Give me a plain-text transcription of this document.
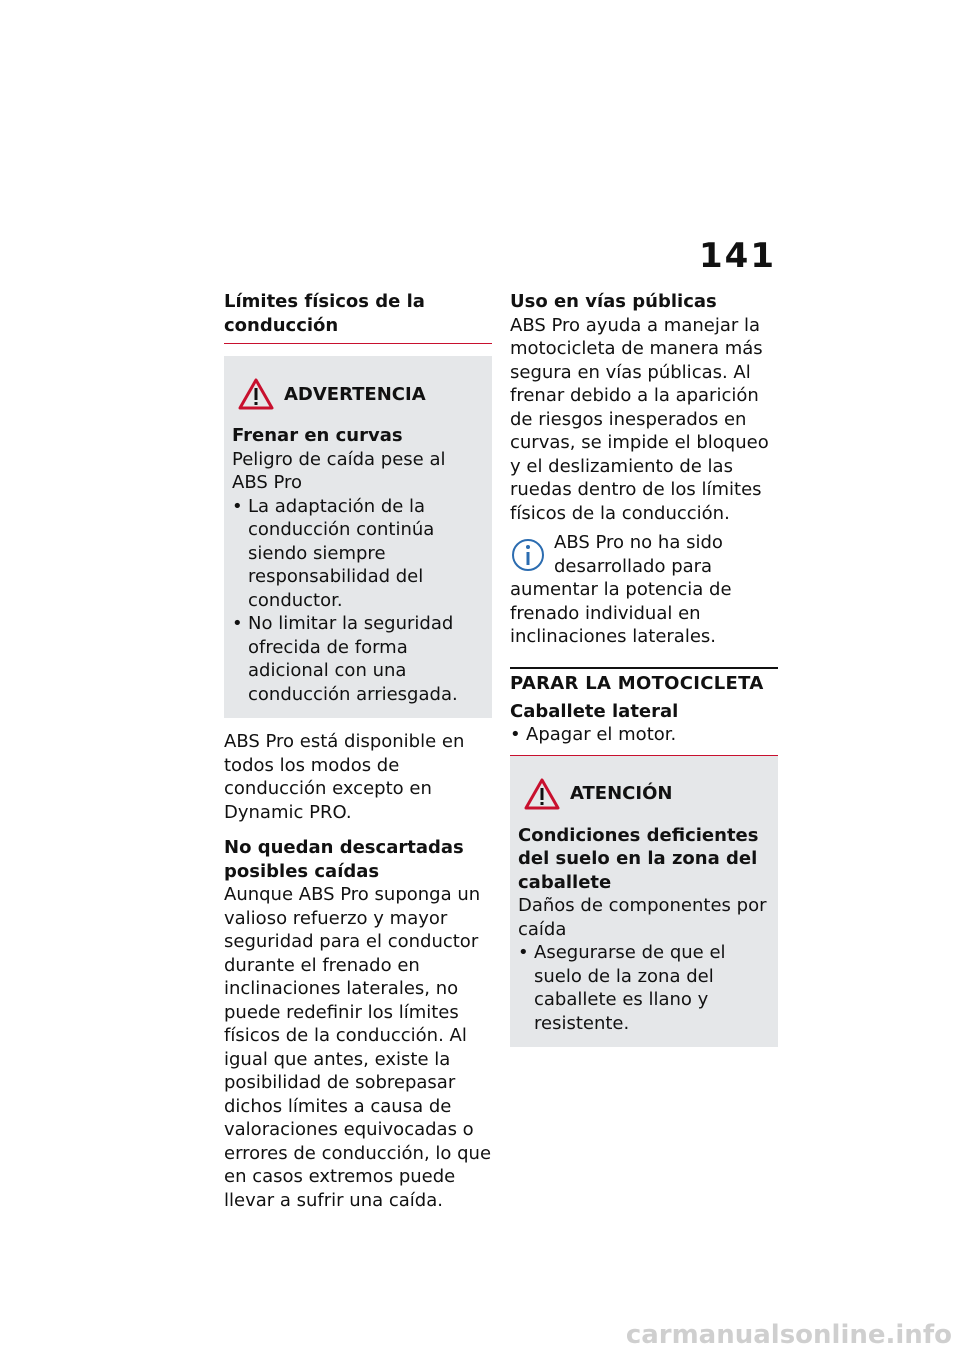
141

Límites físicos de la conducción

ADVERTENCIA

Frenar en curvas

Peligro de caída pese al ABS Pro

• La adaptación de la conducción continúa siendo siempre responsabilidad del conductor.
• No limitar la seguridad ofrecida de forma adicional con una conducción arriesgada.

ABS Pro está disponible en todos los modos de conducción excepto en Dynamic PRO.

No quedan descartadas posibles caídas

Aunque ABS Pro suponga un valioso refuerzo y mayor seguridad para el conductor durante el frenado en inclinaciones laterales, no puede redefinir los límites físicos de la conducción. Al igual que antes, existe la posibilidad de sobrepasar dichos límites a causa de valoraciones equivocadas o errores de conducción, lo que en casos extremos puede llevar a sufrir una caída.

Uso en vías públicas

ABS Pro ayuda a manejar la motocicleta de manera más segura en vías públicas. Al frenar debido a la aparición de riesgos inesperados en curvas, se impide el bloqueo y el deslizamiento de las ruedas dentro de los límites físicos de la conducción.

ABS Pro no ha sido desarrollado para aumentar la potencia de frenado individual en inclinaciones laterales.

PARAR LA MOTOCICLETA

Caballete lateral

• Apagar el motor.
ATENCIÓN

Condiciones deficientes del suelo en la zona del caballete

Daños de componentes por caída

• Asegurarse de que el suelo de la zona del caballete es llano y resistente.
carmanualsonline.info
